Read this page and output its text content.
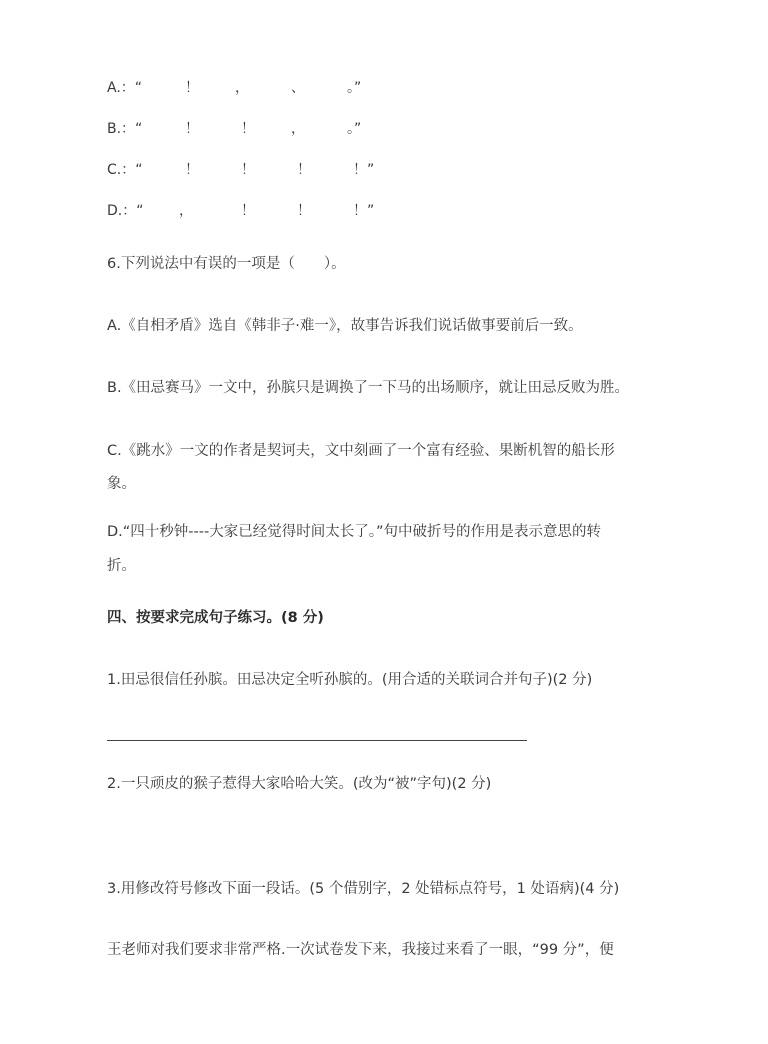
A.：“	！	，	、	。”
B.：“	！	！	，	。”
C.：“	！	！	！	！”
D.：“	，	！	！	！”
6.下列说法中有误的一项是（　　）。
A.《自相矛盾》选自《韩非子·难一》，故事告诉我们说话做事要前后一致。
B.《田忌赛马》一文中，孙膑只是调换了一下马的出场顺序，就让田忌反败为胜。
C.《跳水》一文的作者是契诃夫，文中刻画了一个富有经验、果断机智的船长形
象。
D.“四十秒钟----大家已经觉得时间太长了。”句中破折号的作用是表示意思的转
折。
四、按要求完成句子练习。(8 分)
1.田忌很信任孙膑。田忌决定全听孙膑的。(用合适的关联词合并句子)(2 分)
2.一只顽皮的猴子惹得大家哈哈大笑。(改为“被”字句)(2 分)
3.用修改符号修改下面一段话。(5 个借别字，2 处错标点符号，1 处语病)(4 分)
王老师对我们要求非常严格.一次试卷发下来，我接过来看了一眼，“99 分”，便
